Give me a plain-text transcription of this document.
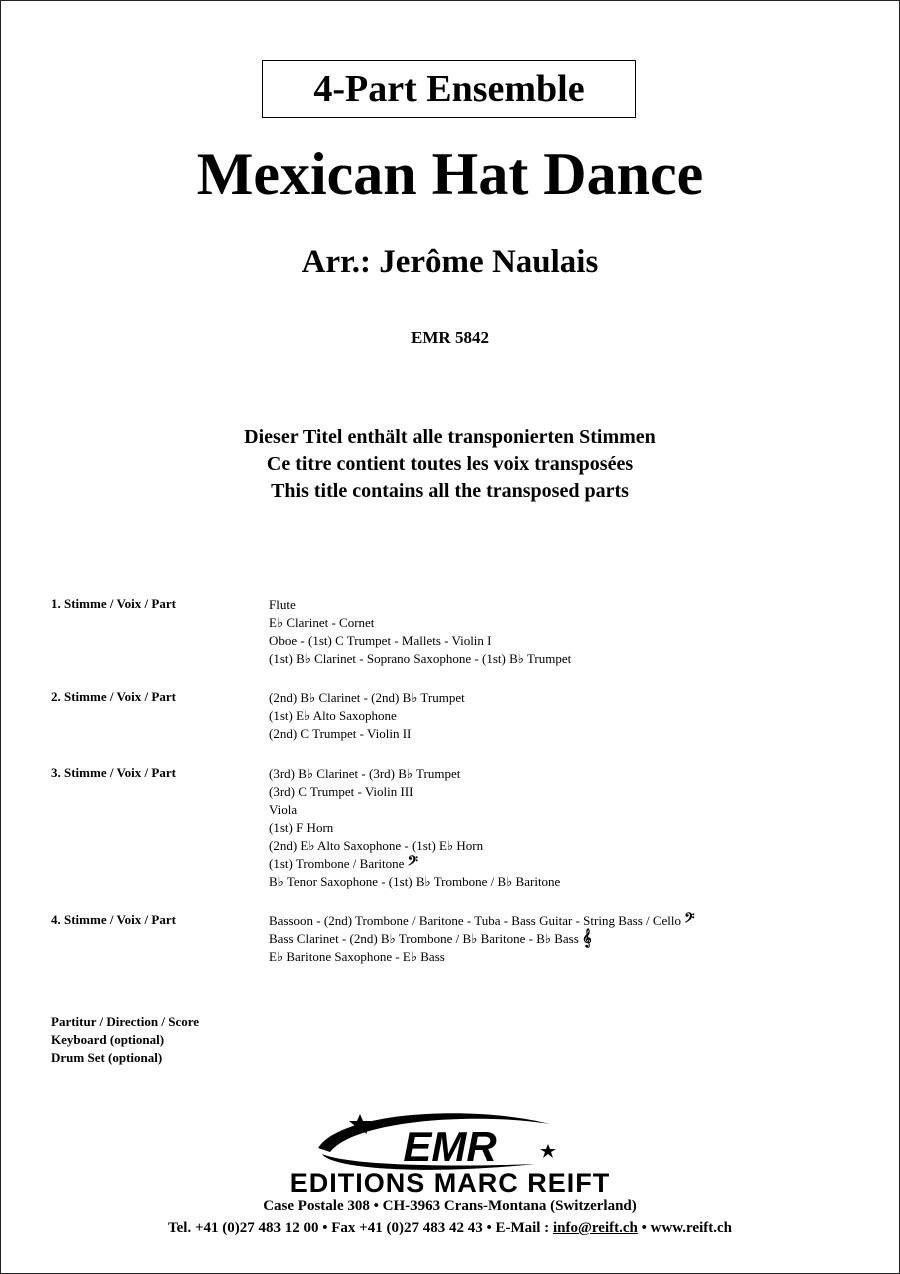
4-Part Ensemble
Mexican Hat Dance
Arr.: Jerôme Naulais
EMR 5842
Dieser Titel enthält alle transponierten Stimmen
Ce titre contient toutes les voix transposées
This title contains all the transposed parts
1. Stimme / Voix / Part	Flute
E♭ Clarinet - Cornet
Oboe - (1st) C Trumpet - Mallets - Violin I
(1st) B♭ Clarinet - Soprano Saxophone - (1st) B♭ Trumpet
2. Stimme / Voix / Part	(2nd) B♭ Clarinet - (2nd) B♭ Trumpet
(1st) E♭ Alto Saxophone
(2nd) C Trumpet - Violin II
3. Stimme / Voix / Part	(3rd) B♭ Clarinet - (3rd) B♭ Trumpet
(3rd) C Trumpet - Violin III
Viola
(1st) F Horn
(2nd) E♭ Alto Saxophone - (1st) E♭ Horn
(1st) Trombone / Baritone 𝄢
B♭ Tenor Saxophone - (1st) B♭ Trombone / B♭ Baritone
4. Stimme / Voix / Part	Bassoon - (2nd) Trombone / Baritone - Tuba - Bass Guitar - String Bass / Cello 𝄢
Bass Clarinet - (2nd) B♭ Trombone / B♭ Baritone - B♭ Bass 𝄞
E♭ Baritone Saxophone - E♭ Bass
Partitur / Direction / Score
Keyboard (optional)
Drum Set (optional)
EMR
EDITIONS MARC REIFT
Case Postale 308 • CH-3963 Crans-Montana (Switzerland)
Tel. +41 (0)27 483 12 00 • Fax +41 (0)27 483 42 43 • E-Mail : info@reift.ch • www.reift.ch
